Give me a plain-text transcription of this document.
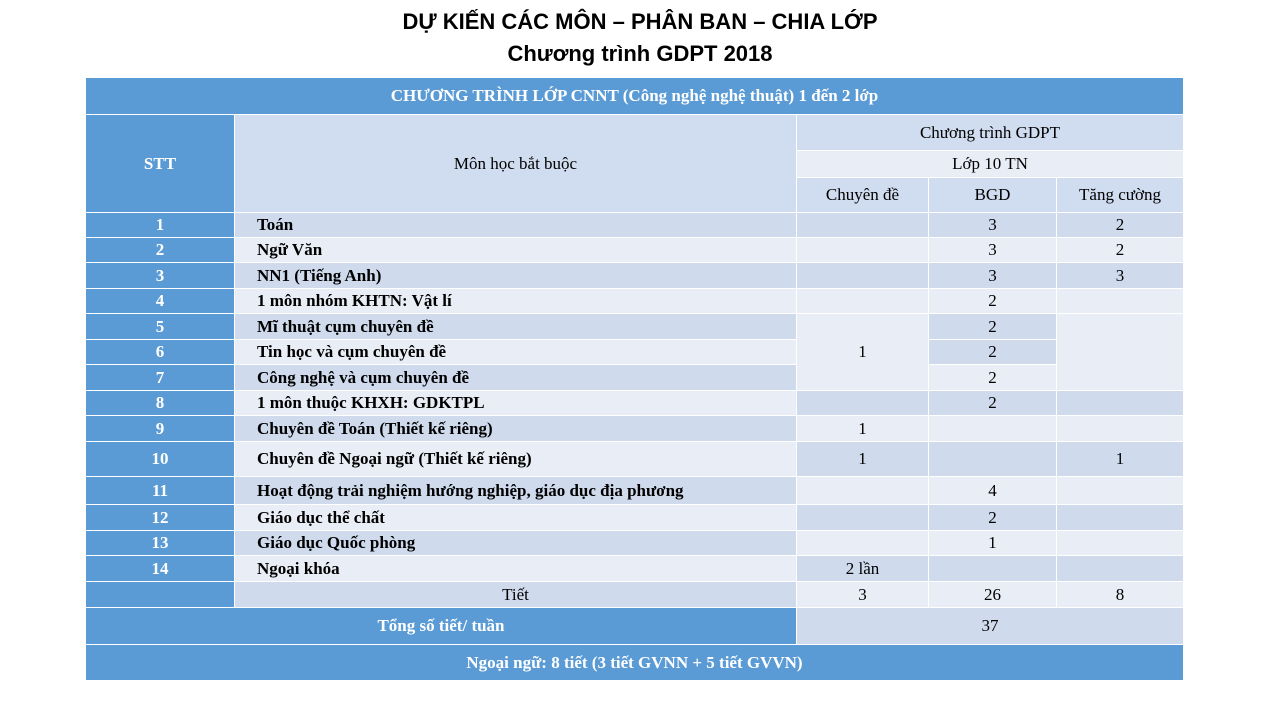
DỰ KIẾN CÁC MÔN – PHÂN BAN – CHIA LỚP
Chương trình GDPT 2018
CHƯƠNG TRÌNH LỚP CNNT (Công nghệ nghệ thuật) 1 đến 2 lớp				
STT	Môn học bắt buộc	Chương trình GDPT		
		Lớp 10 TN		
		Chuyên đề	BGD	Tăng cường
1	Toán		3	2
2	Ngữ Văn		3	2
3	NN1 (Tiếng Anh)		3	3
4	1 môn nhóm KHTN: Vật lí		2	
5	Mĩ thuật cụm chuyên đề	1	2	
6	Tin học và cụm chuyên đề		2	
7	Công nghệ và cụm chuyên đề		2	
8	1 môn thuộc KHXH: GDKTPL		2	
9	Chuyên đề Toán (Thiết kế riêng)	1		
10	Chuyên đề Ngoại ngữ (Thiết kế riêng)	1		1
11	Hoạt động trải nghiệm hướng nghiệp, giáo dục địa phương		4	
12	Giáo dục thể chất		2	
13	Giáo dục Quốc phòng		1	
14	Ngoại khóa	2 lần		
	Tiết	3	26	8
Tổng số tiết/ tuần		37		
Ngoại ngữ: 8 tiết (3 tiết GVNN + 5 tiết GVVN)				
